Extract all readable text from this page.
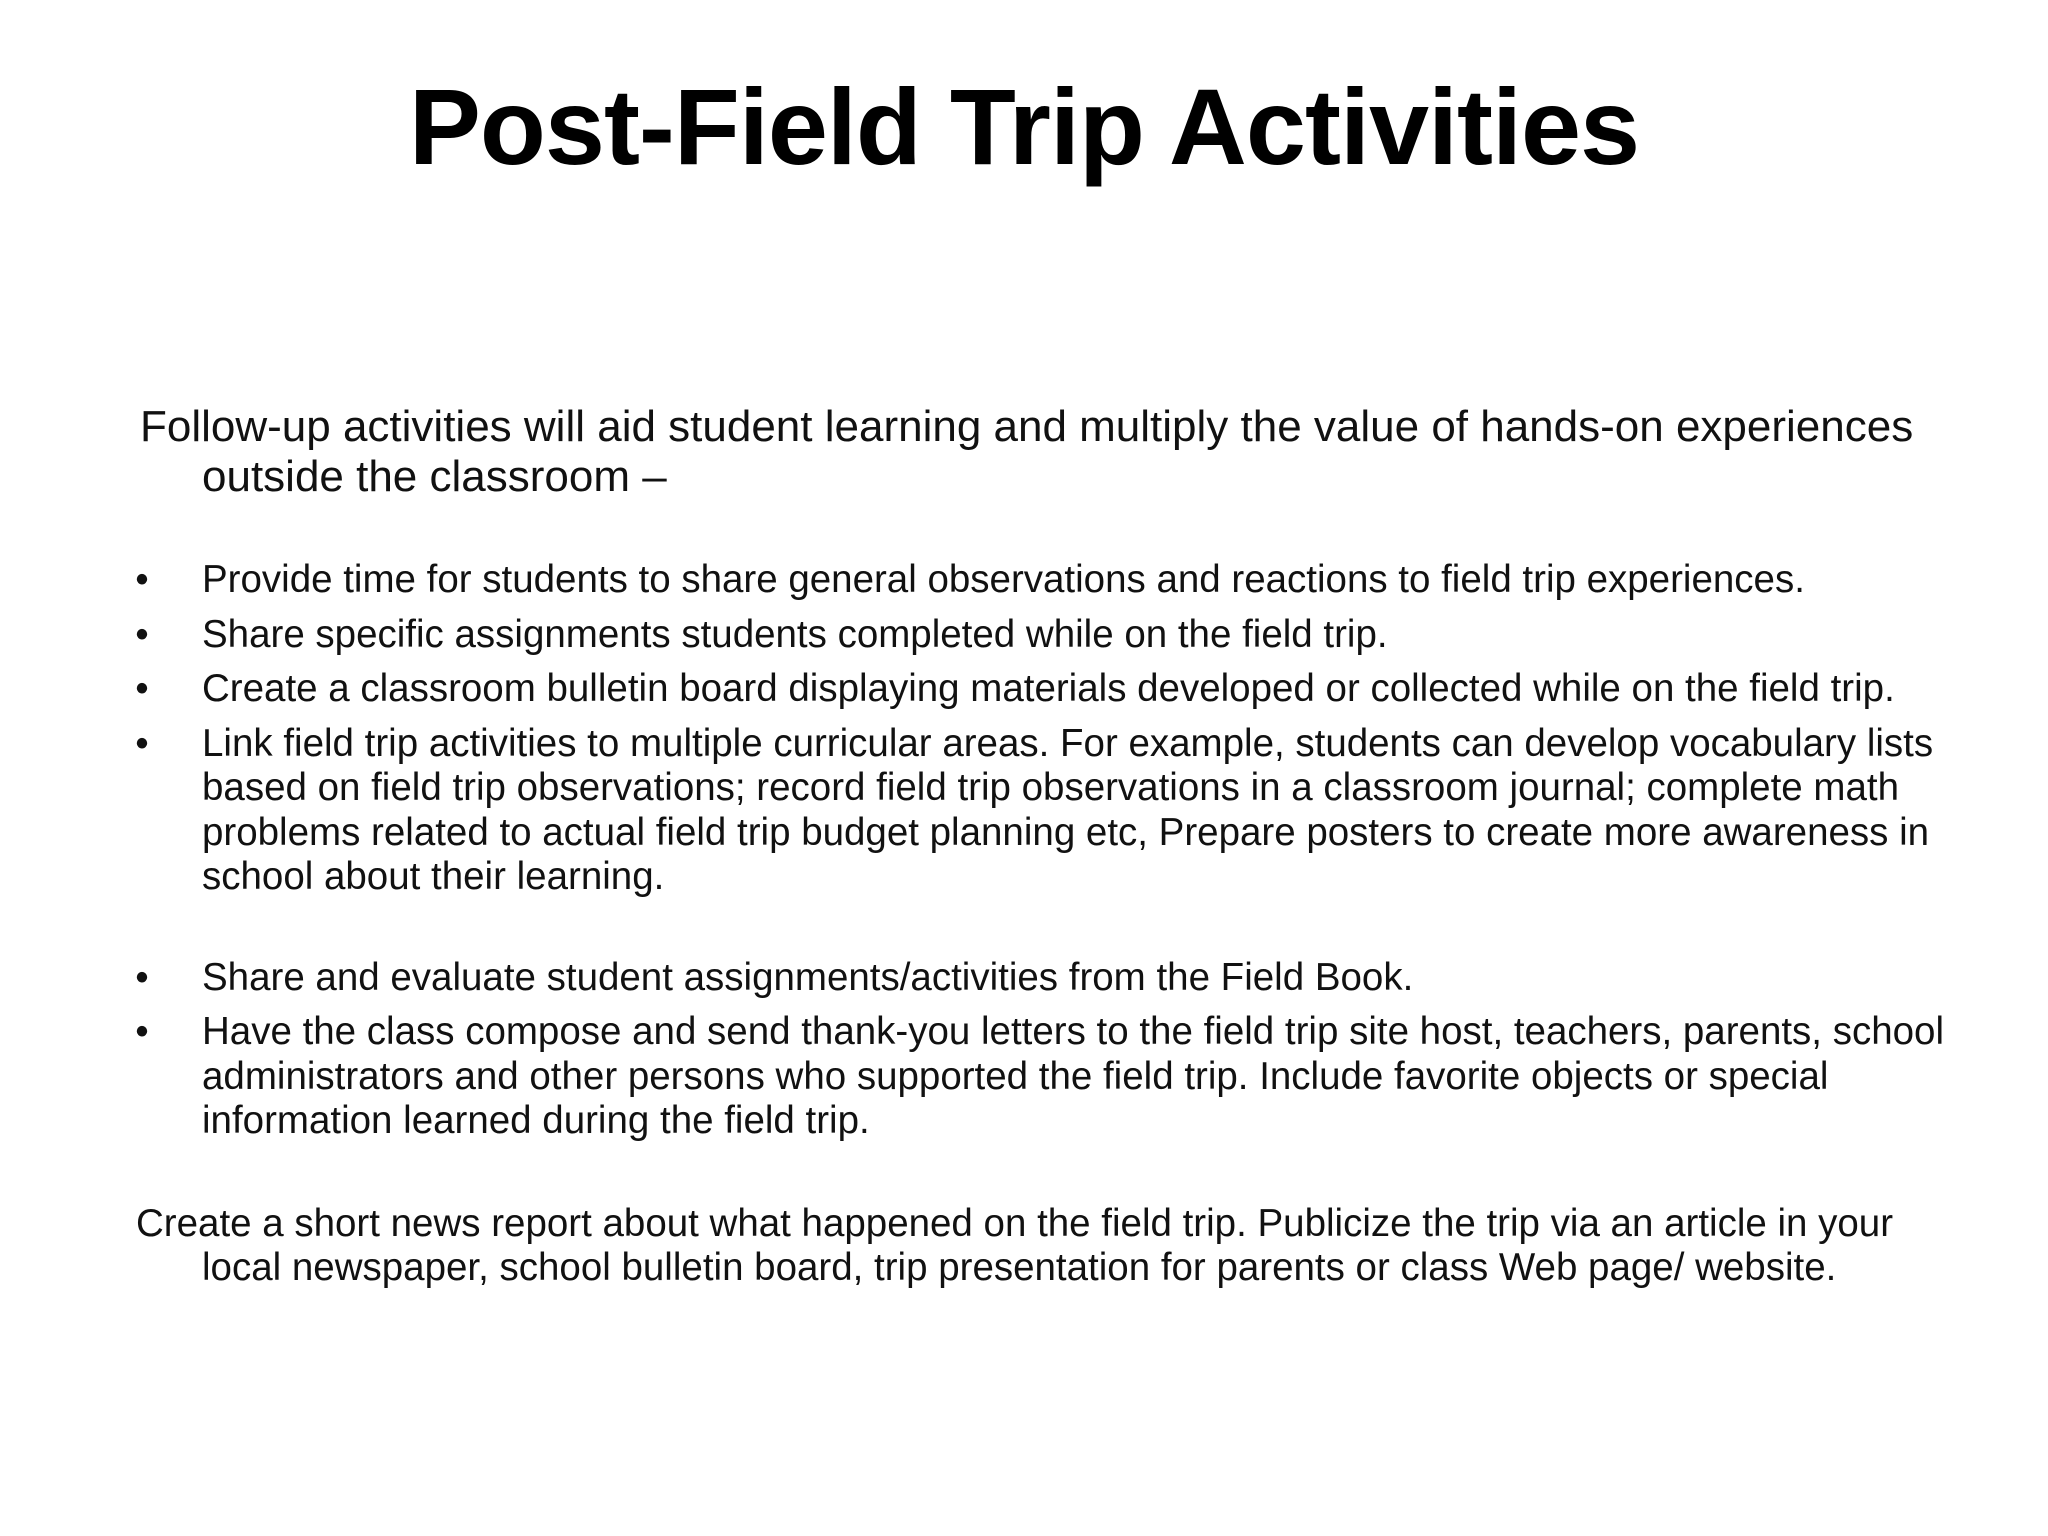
Post-Field Trip Activities

Follow-up activities will aid student learning and multiply the value of hands-on experiences outside the classroom –

•	Provide time for students to share general observations and reactions to field trip experiences.
•	Share specific assignments students completed while on the field trip.
•	Create a classroom bulletin board displaying materials developed or collected while on the field trip.
•	Link field trip activities to multiple curricular areas. For example, students can develop vocabulary lists based on field trip observations; record field trip observations in a classroom journal; complete math problems related to actual field trip budget planning etc, Prepare posters to create more awareness in school about their learning.
•	Share and evaluate student assignments/activities from the Field Book.
•	Have the class compose and send thank-you letters to the field trip site host, teachers, parents, school administrators and other persons who supported the field trip. Include favorite objects or special information learned during the field trip.

Create a short news report about what happened on the field trip. Publicize the trip via an article in your local newspaper, school bulletin board, trip presentation for parents or class Web page/ website.
